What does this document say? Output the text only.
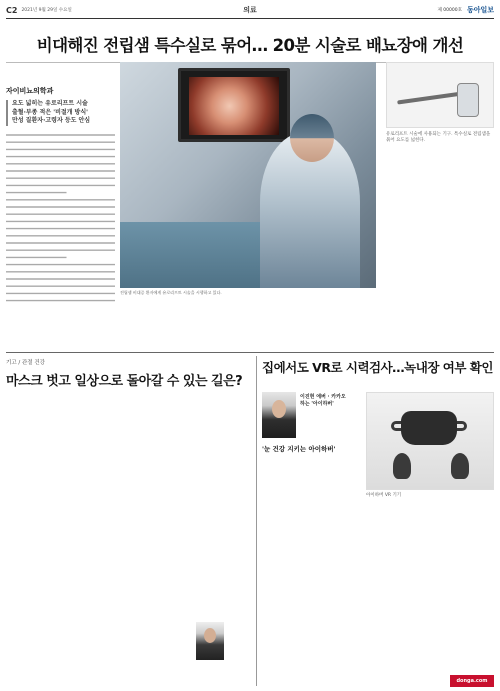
C2 2021년 9월 29일 수요일	의료	제 00000호 동아일보
비대해진 전립샘 특수실로 묶어… 20분 시술로 배뇨장애 개선
자이비뇨의학과
요도 넓히는 유로리프트 시술
출혈·부종 적은 '비절개 방식'
만성 질환자·고령자 등도 안심
전립샘 비대증 환자에게 유로리프트 시술을 시행하고 있다.
유로리프트 시술에 사용되는 기구. 특수실로 전립샘을 묶어 요도를 넓힌다.
기고 / 관절 건강
마스크 벗고 일상으로 돌아갈 수 있는 길은?
집에서도 VR로 시력검사…녹내장 여부 확인
이진현 에버 · 카카오
하는 '아이하버'
'눈 건강 지키는 아이하버'
아이하버 VR 기기
donga.com
